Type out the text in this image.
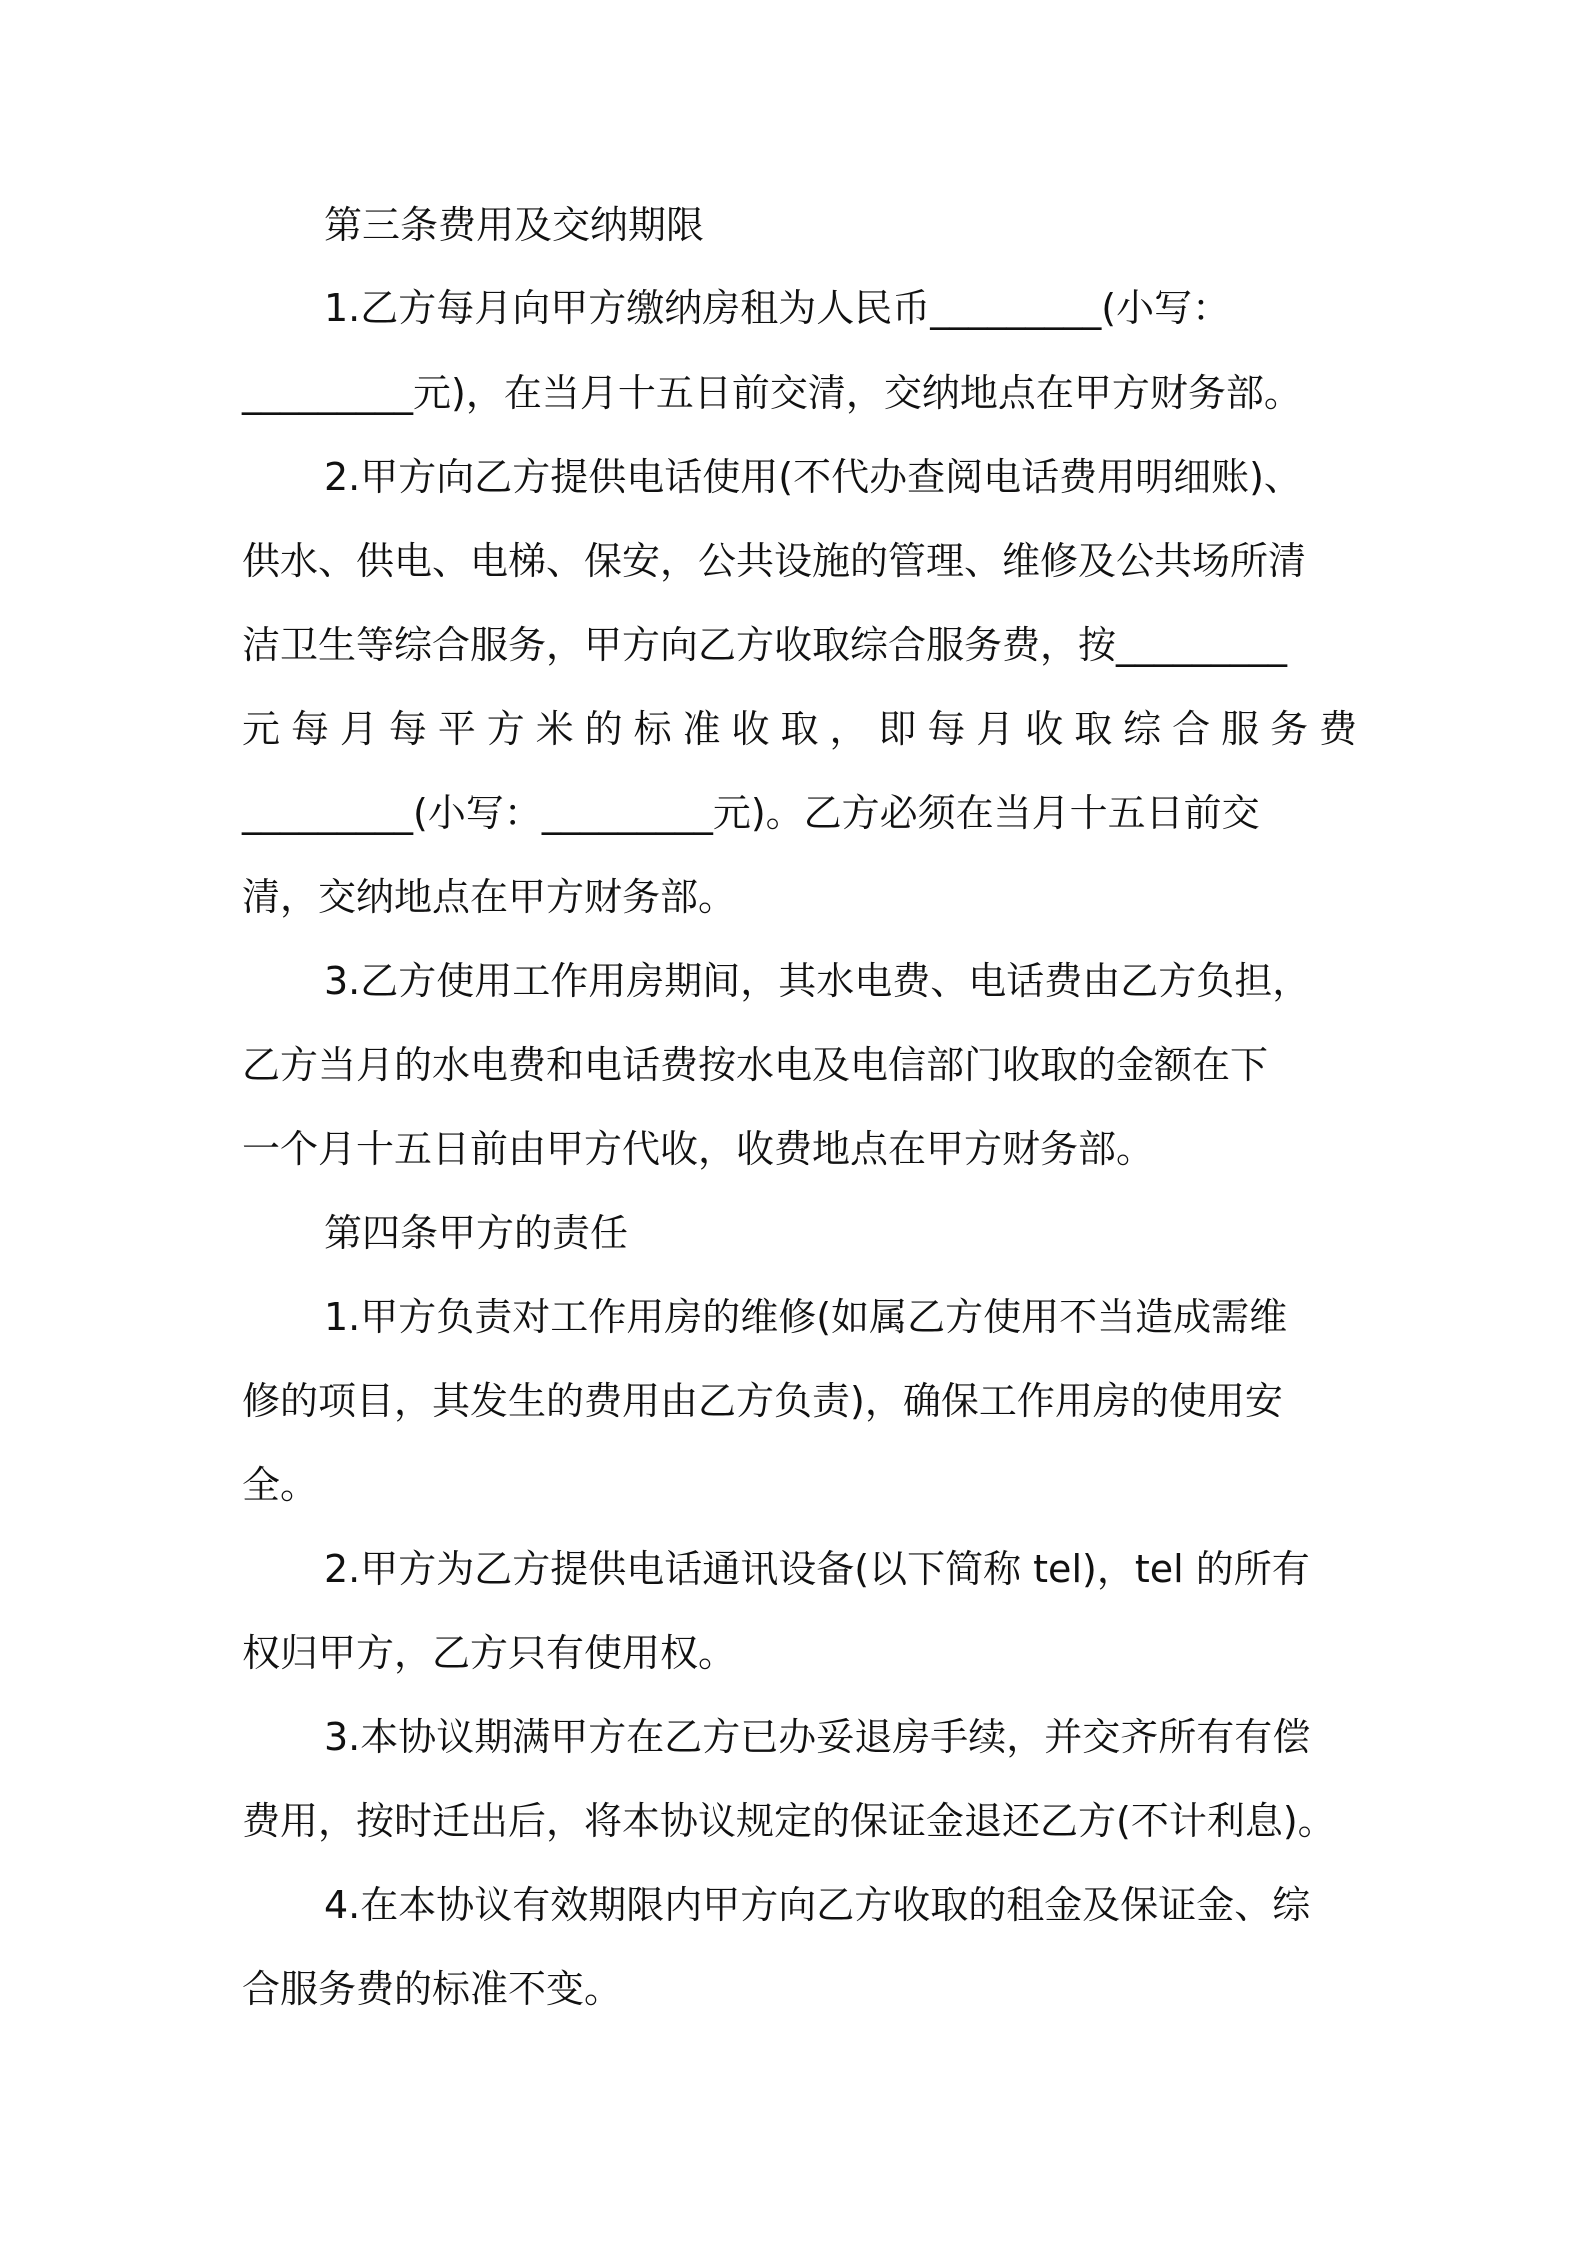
第三条费用及交纳期限
1.乙方每月向甲方缴纳房租为人民币_________(小写：
_________元)，在当月十五日前交清，交纳地点在甲方财务部。
2.甲方向乙方提供电话使用(不代办查阅电话费用明细账)、
供水、供电、电梯、保安，公共设施的管理、维修及公共场所清
洁卫生等综合服务，甲方向乙方收取综合服务费，按_________
元每月每平方米的标准收取，即每月收取综合服务费
_________(小写：_________元)。乙方必须在当月十五日前交
清，交纳地点在甲方财务部。
3.乙方使用工作用房期间，其水电费、电话费由乙方负担，
乙方当月的水电费和电话费按水电及电信部门收取的金额在下
一个月十五日前由甲方代收，收费地点在甲方财务部。
第四条甲方的责任
1.甲方负责对工作用房的维修(如属乙方使用不当造成需维
修的项目，其发生的费用由乙方负责)，确保工作用房的使用安
全。
2.甲方为乙方提供电话通讯设备(以下简称 tel)，tel 的所有
权归甲方，乙方只有使用权。
3.本协议期满甲方在乙方已办妥退房手续，并交齐所有有偿
费用，按时迁出后，将本协议规定的保证金退还乙方(不计利息)。
4.在本协议有效期限内甲方向乙方收取的租金及保证金、综
合服务费的标准不变。
